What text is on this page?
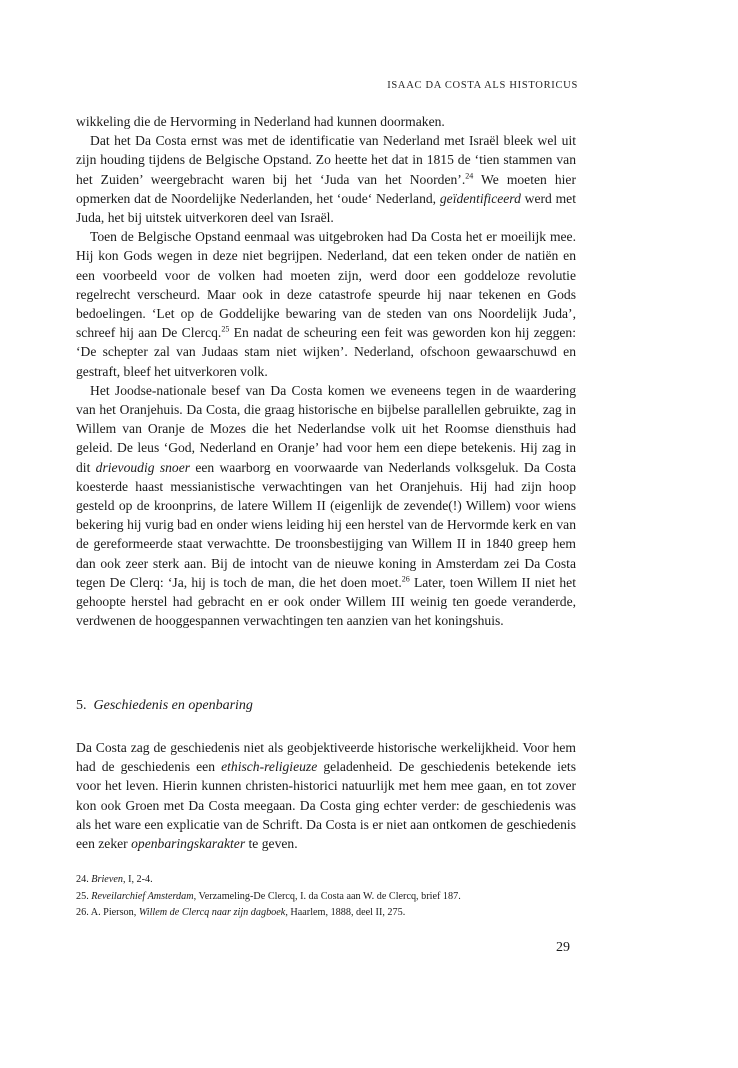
ISAAC DA COSTA ALS HISTORICUS

wikkeling die de Hervorming in Nederland had kunnen doormaken.

Dat het Da Costa ernst was met de identificatie van Nederland met Israël bleek wel uit zijn houding tijdens de Belgische Opstand. Zo heette het dat in 1815 de ‘tien stammen van het Zuiden’ weergebracht waren bij het ‘Juda van het Noorden’.$^{24}$ We moeten hier opmerken dat de Noordelijke Nederlanden, het ‘oude‘ Nederland, geïdentificeerd werd met Juda, het bij uitstek uitverkoren deel van Israël.

Toen de Belgische Opstand eenmaal was uitgebroken had Da Costa het er moeilijk mee. Hij kon Gods wegen in deze niet begrijpen. Nederland, dat een teken onder de natiën en een voorbeeld voor de volken had moeten zijn, werd door een goddeloze revolutie regelrecht verscheurd. Maar ook in deze catastrofe speurde hij naar tekenen en Gods bedoelingen. ‘Let op de Goddelijke bewaring van de steden van ons Noordelijk Juda’, schreef hij aan De Clercq.$^{25}$ En nadat de scheuring een feit was geworden kon hij zeggen: ‘De schepter zal van Judaas stam niet wijken’. Nederland, ofschoon gewaarschuwd en gestraft, bleef het uitverkoren volk.

Het Joodse-nationale besef van Da Costa komen we eveneens tegen in de waardering van het Oranjehuis. Da Costa, die graag historische en bijbelse parallellen gebruikte, zag in Willem van Oranje de Mozes die het Nederlandse volk uit het Roomse diensthuis had geleid. De leus ‘God, Nederland en Oranje’ had voor hem een diepe betekenis. Hij zag in dit drievoudig snoer een waarborg en voorwaarde van Nederlands volksgeluk. Da Costa koesterde haast messianistische verwachtingen van het Oranjehuis. Hij had zijn hoop gesteld op de kroonprins, de latere Willem II (eigenlijk de zevende(!) Willem) voor wiens bekering hij vurig bad en onder wiens leiding hij een herstel van de Hervormde kerk en van de gereformeerde staat verwachtte. De troonsbestijging van Willem II in 1840 greep hem dan ook zeer sterk aan. Bij de intocht van de nieuwe koning in Amsterdam zei Da Costa tegen De Clerq: ‘Ja, hij is toch de man, die het doen moet.$^{26}$ Later, toen Willem II niet het gehoopte herstel had gebracht en er ook onder Willem III weinig ten goede veranderde, verdwenen de hooggespannen verwachtingen ten aanzien van het koningshuis.

5. Geschiedenis en openbaring

Da Costa zag de geschiedenis niet als geobjektiveerde historische werkelijkheid. Voor hem had de geschiedenis een ethisch-religieuze geladenheid. De geschiedenis betekende iets voor het leven. Hierin kunnen christen-historici natuurlijk met hem mee gaan, en tot zover kon ook Groen met Da Costa meegaan. Da Costa ging echter verder: de geschiedenis was als het ware een explicatie van de Schrift. Da Costa is er niet aan ontkomen de geschiedenis een zeker openbaringskarakter te geven.

24. Brieven, I, 2-4.
25. Reveilarchief Amsterdam, Verzameling-De Clercq, I. da Costa aan W. de Clercq, brief 187.
26. A. Pierson, Willem de Clercq naar zijn dagboek, Haarlem, 1888, deel II, 275.
29
